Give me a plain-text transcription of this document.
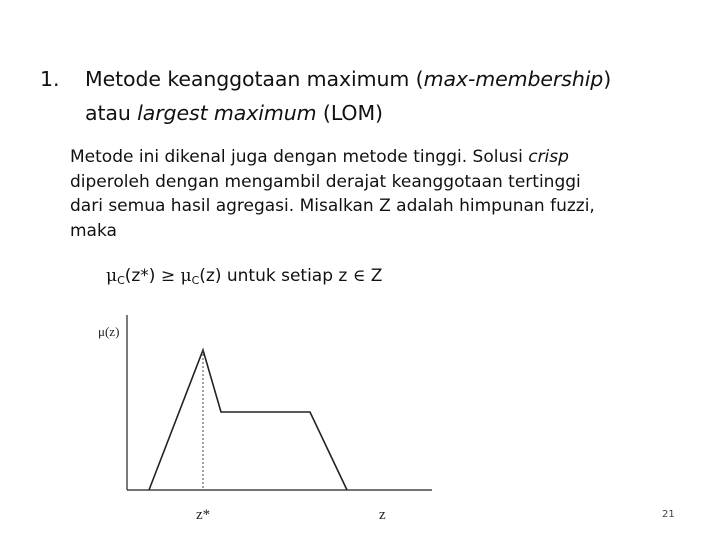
1. Metode keanggotaan maximum (max-membership)
atau largest maximum (LOM)
Metode ini dikenal juga dengan metode tinggi. Solusi crisp
diperoleh dengan mengambil derajat keanggotaan tertinggi
dari semua hasil agregasi. Misalkan Z adalah himpunan fuzzi,
maka
$\mu_C(z*) \ge \mu_C(z)$ untuk setiap z ∈ Z
μ(z)
z*	z	21
